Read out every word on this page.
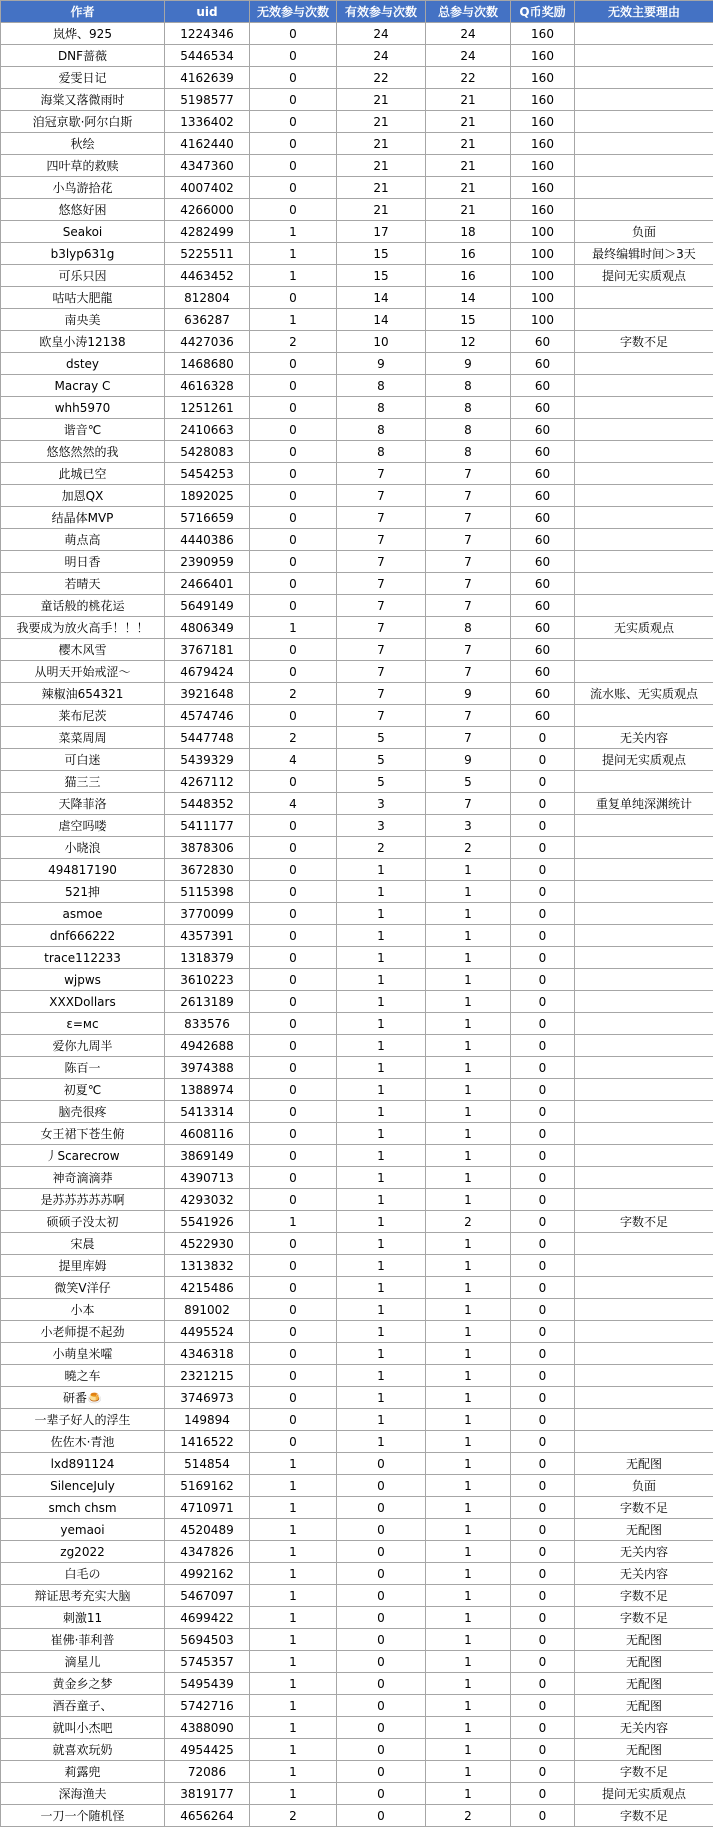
作者	uid	无效参与次数	有效参与次数	总参与次数	Q币奖励	无效主要理由
岚烨、925	1224346	0	24	24	160	
DNF蔷薇	5446534	0	24	24	160	
爱雯日记	4162639	0	22	22	160	
海棠又落微雨时	5198577	0	21	21	160	
洎冠亰歇·阿尔白斯	1336402	0	21	21	160	
秋绘	4162440	0	21	21	160	
四叶草的救赎	4347360	0	21	21	160	
小鸟游拾花	4007402	0	21	21	160	
悠悠好困	4266000	0	21	21	160	
Seakoi	4282499	1	17	18	100	负面
b3lyp631g	5225511	1	15	16	100	最终编辑时间＞3天
可乐只因	4463452	1	15	16	100	提问无实质观点
咕咕大肥龍	812804	0	14	14	100	
南央美	636287	1	14	15	100	
欧皇小涛12138	4427036	2	10	12	60	字数不足
dstey	1468680	0	9	9	60	
Macray C	4616328	0	8	8	60	
whh5970	1251261	0	8	8	60	
谐音℃	2410663	0	8	8	60	
悠悠然然的我	5428083	0	8	8	60	
此城已空	5454253	0	7	7	60	
加恩QX	1892025	0	7	7	60	
结晶体MVP	5716659	0	7	7	60	
萌点高	4440386	0	7	7	60	
明日香	2390959	0	7	7	60	
若晴天	2466401	0	7	7	60	
童话般的桃花运	5649149	0	7	7	60	
我要成为放火高手！！！	4806349	1	7	8	60	无实质观点
樱木风雪	3767181	0	7	7	60	
从明天开始戒涩～	4679424	0	7	7	60	
辣椒油654321	3921648	2	7	9	60	流水账、无实质观点
莱布尼茨	4574746	0	7	7	60	
菜菜周周	5447748	2	5	7	0	无关内容
可白迷	5439329	4	5	9	0	提问无实质观点
猫三三	4267112	0	5	5	0	
天降菲洛	5448352	4	3	7	0	重复单纯深渊统计
虐空吗喽	5411177	0	3	3	0	
小晓浪	3878306	0	2	2	0	
494817190	3672830	0	1	1	0	
521抻	5115398	0	1	1	0	
asmoe	3770099	0	1	1	0	
dnf666222	4357391	0	1	1	0	
trace112233	1318379	0	1	1	0	
wjpws	3610223	0	1	1	0	
XXXDollars	2613189	0	1	1	0	
ε=мc	833576	0	1	1	0	
爱你九周半	4942688	0	1	1	0	
陈百一	3974388	0	1	1	0	
初夏℃	1388974	0	1	1	0	
脑壳很疼	5413314	0	1	1	0	
女王裙下苍生俯	4608116	0	1	1	0	
丿Scarecrow	3869149	0	1	1	0	
神奇滴滴莽	4390713	0	1	1	0	
是苏苏苏苏苏啊	4293032	0	1	1	0	
硕硕子没太初	5541926	1	1	2	0	字数不足
宋晨	4522930	0	1	1	0	
提里库姆	1313832	0	1	1	0	
微笑V洋仔	4215486	0	1	1	0	
小本	891002	0	1	1	0	
小老师提不起劲	4495524	0	1	1	0	
小萌皇米嚯	4346318	0	1	1	0	
曉之车	2321215	0	1	1	0	
研番🍮	3746973	0	1	1	0	
一辈子好人的浮生	149894	0	1	1	0	
佐佐木·青池	1416522	0	1	1	0	
lxd891124	514854	1	0	1	0	无配图
SilenceJuly	5169162	1	0	1	0	负面
smch chsm	4710971	1	0	1	0	字数不足
yemaoi	4520489	1	0	1	0	无配图
zg2022	4347826	1	0	1	0	无关内容
白毛の	4992162	1	0	1	0	无关内容
辩证思考充实大脑	5467097	1	0	1	0	字数不足
刺激11	4699422	1	0	1	0	字数不足
崔佛·菲利普	5694503	1	0	1	0	无配图
滴星儿	5745357	1	0	1	0	无配图
黄金乡之梦	5495439	1	0	1	0	无配图
酒吞童子、	5742716	1	0	1	0	无配图
就叫小杰吧	4388090	1	0	1	0	无关内容
就喜欢玩奶	4954425	1	0	1	0	无配图
莉露兜	72086	1	0	1	0	字数不足
深海渔夫	3819177	1	0	1	0	提问无实质观点
一刀一个随机怪	4656264	2	0	2	0	字数不足
